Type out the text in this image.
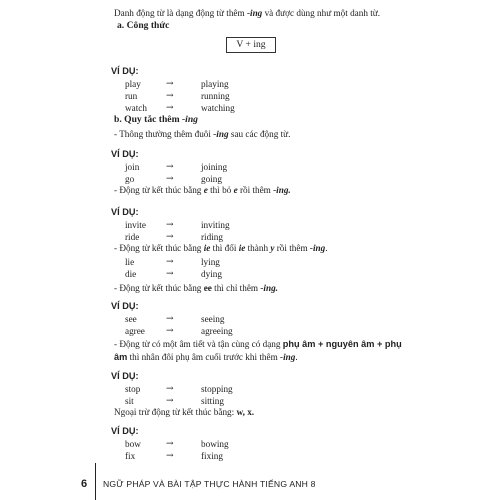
Danh động từ là dạng động từ thêm -ing và được dùng như một danh từ.
a. Công thức
V + ing
VÍ DỤ:
play	→	playing
run	→	running
watch →	watching
b. Quy tắc thêm -ing
- Thông thường thêm đuôi -ing sau các động từ.
VÍ DỤ:
join	→	joining
go	→	going
- Động từ kết thúc bằng e thì bỏ e rồi thêm -ing.
VÍ DỤ:
invite →	inviting
ride	→	riding
- Động từ kết thúc bằng ie thì đổi ie thành y rồi thêm -ing.
lie	→	lying
die	→	dying
- Động từ kết thúc bằng ee thì chỉ thêm -ing.
VÍ DỤ:
see	→	seeing
agree →	agreeing
- Động từ có một âm tiết và tận cùng có dạng phụ âm + nguyên âm + phụ
âm thì nhân đôi phụ âm cuối trước khi thêm -ing.
VÍ DỤ:
stop	→	stopping
sit	→	sitting
Ngoại trừ động từ kết thúc bằng: w, x.
VÍ DỤ:
bow	→	bowing
fix	→	fixing
6 NGỮ PHÁP VÀ BÀI TẬP THỰC HÀNH TIẾNG ANH 8
